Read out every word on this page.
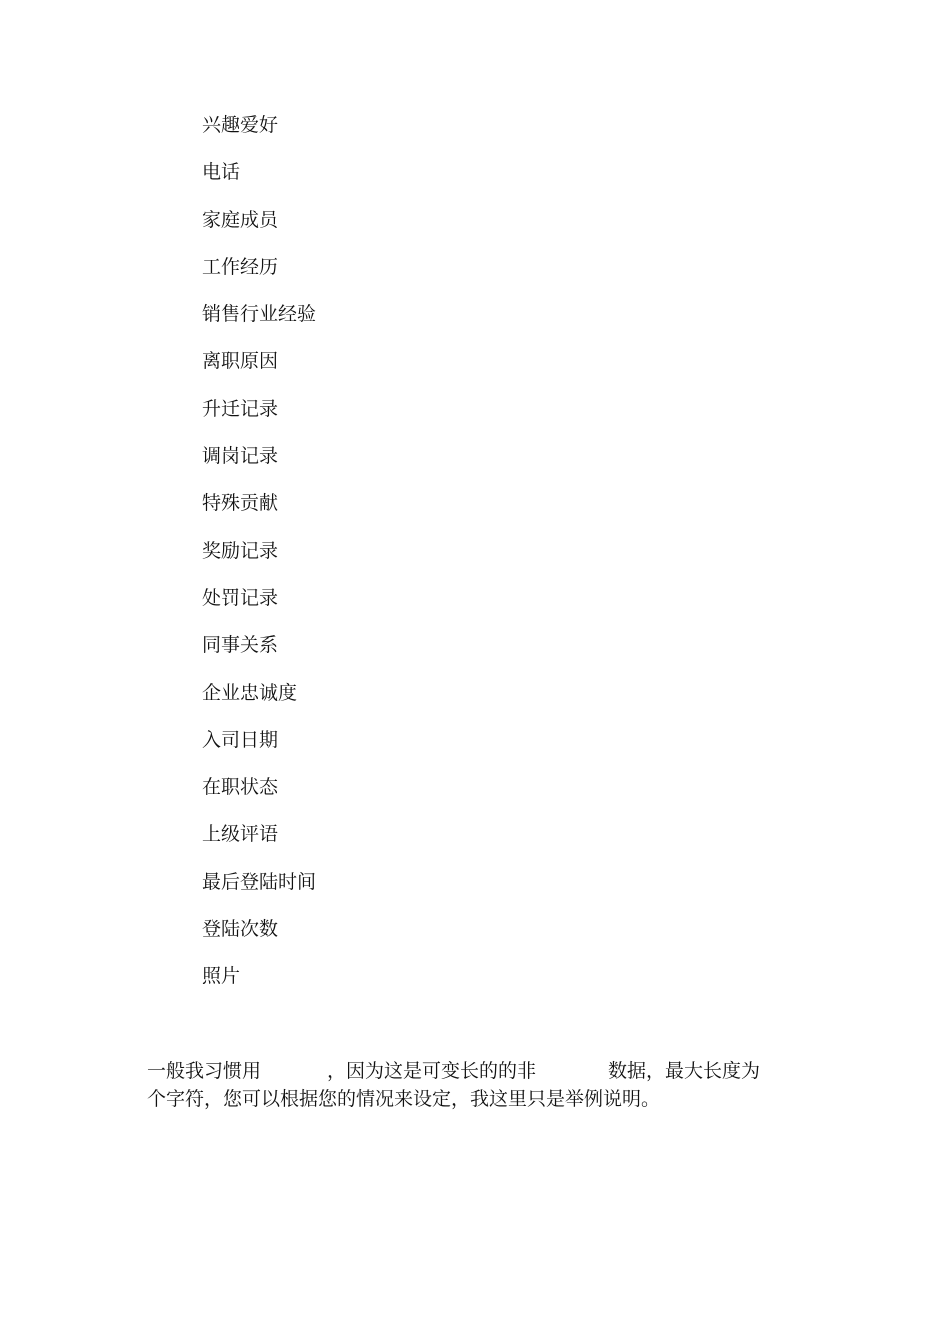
兴趣爱好
电话
家庭成员
工作经历
销售行业经验
离职原因
升迁记录
调岗记录
特殊贡献
奖励记录
处罚记录
同事关系
企业忠诚度
入司日期
在职状态
上级评语
最后登陆时间
登陆次数
照片

一般我习惯用	，因为这是可变长的的非	数据，最大长度为
个字符，您可以根据您的情况来设定，我这里只是举例说明。
